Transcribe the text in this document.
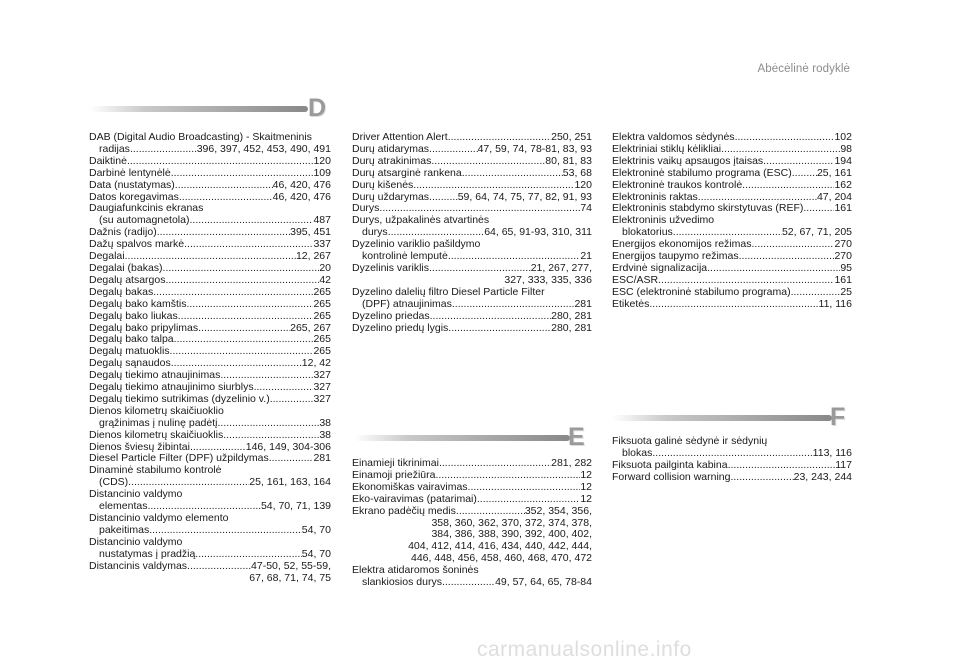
Abėcėlinė rodyklė
D
E
F
DAB (Digital Audio Broadcasting) - Skaitmeninis
radijas .....	396, 397, 452, 453, 490, 491
Daiktinė .....	120
Darbinė lentynėlė .....	109
Data (nustatymas) .....	46, 420, 476
Datos koregavimas .....	46, 420, 476
Daugiafunkcinis ekranas
(su automagnetola) .....	487
Dažnis (radijo) .....	395, 451
Dažų spalvos markė .....	337
Degalai .....	12, 267
Degalai (bakas) .....	20
Degalų atsargos .....	42
Degalų bakas .....	265
Degalų bako kamštis .....	265
Degalų bako liukas .....	265
Degalų bako pripylimas .....	265, 267
Degalų bako talpa .....	265
Degalų matuoklis .....	265
Degalų sąnaudos .....	12, 42
Degalų tiekimo atnaujinimas .....	327
Degalų tiekimo atnaujinimo siurblys .....	327
Degalų tiekimo sutrikimas (dyzelinio v.) .....	327
Dienos kilometrų skaičiuoklio
grąžinimas į nulinę padėtį .....	38
Dienos kilometrų skaičiuoklis .....	38
Dienos šviesų žibintai .....	146, 149, 304-306
Diesel Particle Filter (DPF) užpildymas .....	281
Dinaminė stabilumo kontrolė
(CDS) .....	25, 161, 163, 164
Distancinio valdymo
elementas .....	54, 70, 71, 139
Distancinio valdymo elemento
pakeitimas .....	54, 70
Distancinio valdymo
nustatymas į pradžią .....	54, 70
Distancinis valdymas .....	47-50, 52, 55-59,
67, 68, 71, 74, 75
Driver Attention Alert .....	250, 251
Durų atidarymas .....	47, 59, 74, 78-81, 83, 93
Durų atrakinimas .....	80, 81, 83
Durų atsarginė rankena .....	53, 68
Durų kišenės .....	120
Durų uždarymas .....	59, 64, 74, 75, 77, 82, 91, 93
Durys .....	74
Durys, užpakalinės atvartinės
durys .....	64, 65, 91-93, 310, 311
Dyzelinio variklio pašildymo
kontrolinė lemputė .....	21
Dyzelinis variklis .....	21, 267, 277,
327, 333, 335, 336
Dyzelino dalelių filtro Diesel Particle Filter
(DPF) atnaujinimas .....	281
Dyzelino priedas .....	280, 281
Dyzelino priedų lygis .....	280, 281
Einamieji tikrinimai .....	281, 282
Einamoji priežiūra .....	12
Ekonomiškas vairavimas .....	12
Eko-vairavimas (patarimai) .....	12
Ekrano padėčių medis .....	352, 354, 356,
358, 360, 362, 370, 372, 374, 378,
384, 386, 388, 390, 392, 400, 402,
404, 412, 414, 416, 434, 440, 442, 444,
446, 448, 456, 458, 460, 468, 470, 472
Elektra atidaromos šoninės
slankiosios durys .....	49, 57, 64, 65, 78-84
Elektra valdomos sėdynės .....	102
Elektriniai stiklų kėlikliai .....	98
Elektrinis vaikų apsaugos įtaisas .....	194
Elektroninė stabilumo programa (ESC) ..... 25, 161
Elektroninė traukos kontrolė .....	162
Elektroninis raktas .....	47, 204
Elektroninis stabdymo skirstytuvas (REF) .....	161
Elektroninis užvedimo
blokatorius .....	52, 67, 71, 205
Energijos ekonomijos režimas .....	270
Energijos taupymo režimas .....	270
Erdvinė signalizacija .....	95
ESC/ASR .....	161
ESC (elektroninė stabilumo programa) .....	25
Etiketės .....	11, 116
Fiksuota galinė sėdynė ir sėdynių
blokas .....	113, 116
Fiksuota pailginta kabina .....	117
Forward collision warning .....	23, 243, 244
carmanualsonline.info
